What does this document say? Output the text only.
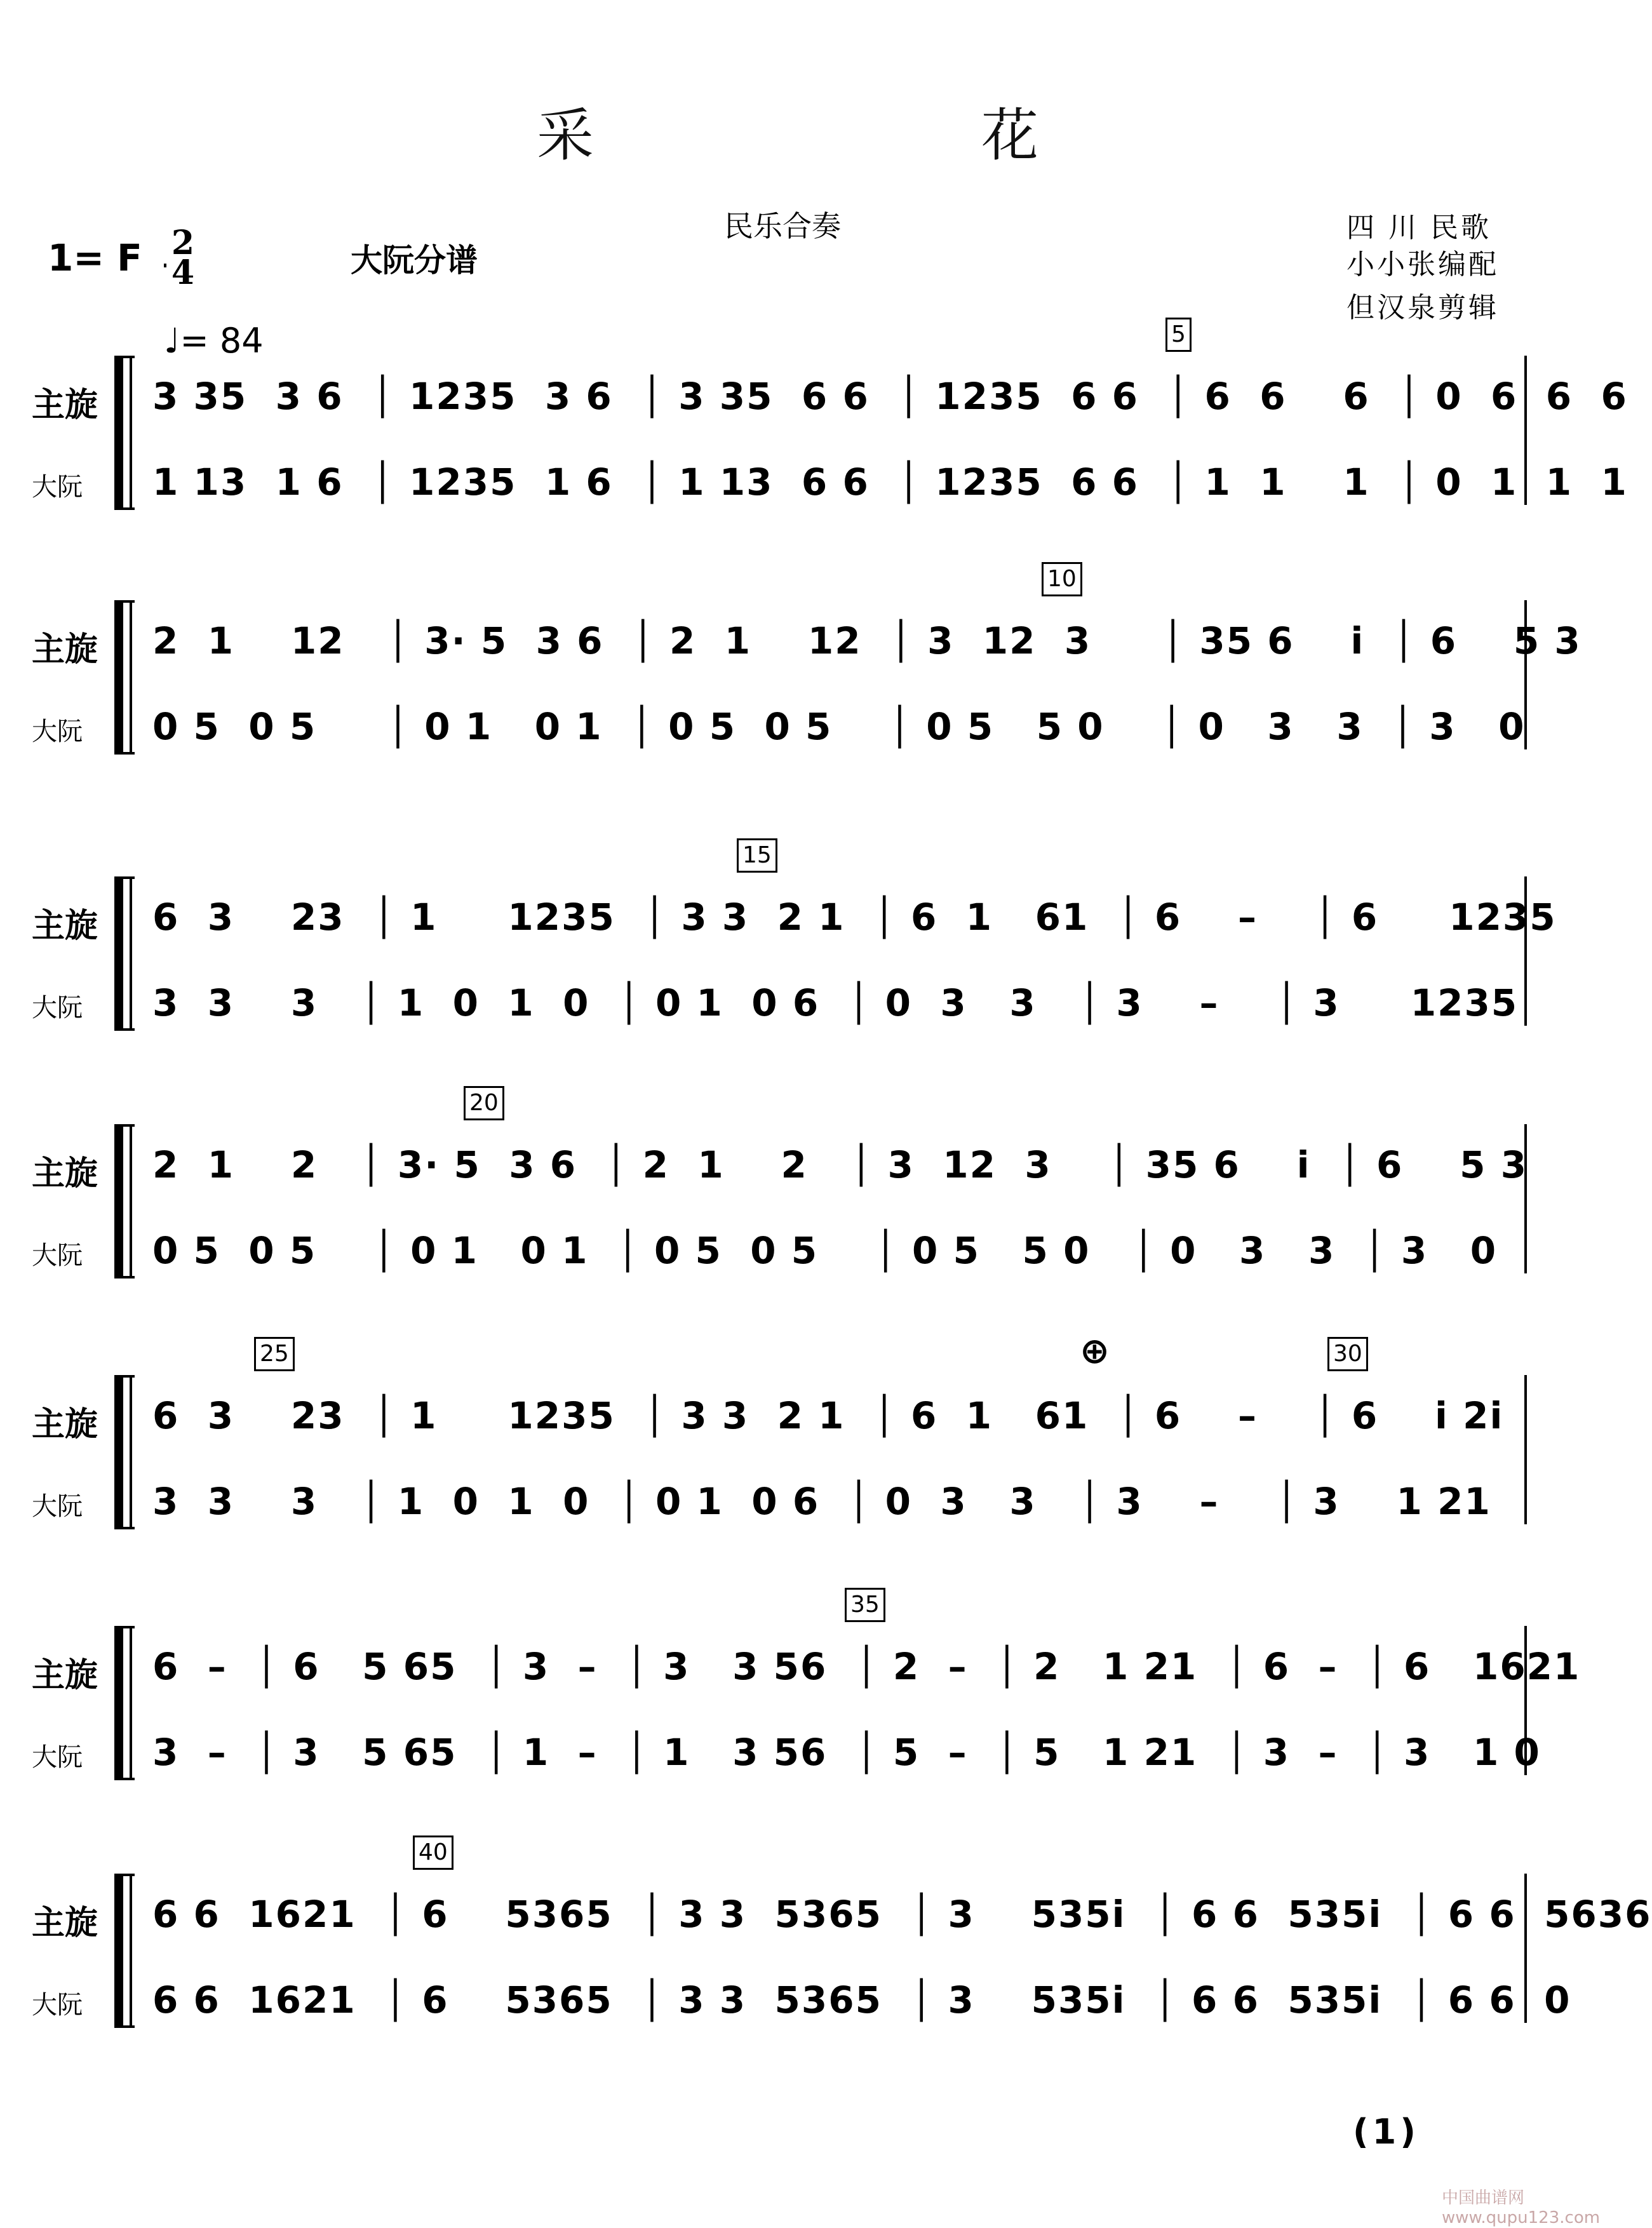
采	花
民乐合奏	四 川 民歌
小小张编配
但汉泉剪辑
1= F 2
4	大阮分谱
♩= 84
主旋
大阮
3 35  3 6  │ 1235  3 6  │ 3 35  6 6  │ 1235  6 6  │ 6  6    6  │ 0  6  6  6
1 13  1 6  │ 1235  1 6  │ 1 13  6 6  │ 1235  6 6  │ 1  1    1  │ 0  1  1  1
5
主旋
大阮
2  1    12   │ 3· 5  3 6  │ 2  1    12  │ 3  12  3     │ 35 6    i  │ 6    5 3
0 5  0 5     │ 0 1   0 1  │ 0 5  0 5    │ 0 5   5 0    │ 0   3   3  │ 3   0
10
主旋
大阮
6  3    23  │ 1     1235  │ 3 3  2 1  │ 6  1   61  │ 6    –    │ 6     1235
3  3    3   │ 1  0  1  0  │ 0 1  0 6  │ 0  3   3   │ 3    –    │ 3     1235
15
主旋
大阮
2  1    2   │ 3· 5  3 6  │ 2  1    2   │ 3  12  3    │ 35 6    i  │ 6    5 3
0 5  0 5    │ 0 1   0 1  │ 0 5  0 5    │ 0 5   5 0   │ 0   3   3  │ 3   0
20
主旋
大阮
6  3    23  │ 1     1235  │ 3 3  2 1  │ 6  1   61  │ 6    –    │ 6    i 2i
3  3    3   │ 1  0  1  0  │ 0 1  0 6  │ 0  3   3   │ 3    –    │ 3    1 21
25	30
⊕
主旋
大阮
6  –  │ 6   5 65  │ 3  –  │ 3   3 56  │ 2  –  │ 2   1 21  │ 6  –  │ 6   1621
3  –  │ 3   5 65  │ 1  –  │ 1   3 56  │ 5  –  │ 5   1 21  │ 3  –  │ 3   1 0
35
主旋
大阮
6 6  1621  │ 6    5365  │ 3 3  5365  │ 3    535i  │ 6 6  535i  │ 6 6  5636
6 6  1621  │ 6    5365  │ 3 3  5365  │ 3    535i  │ 6 6  535i  │ 6 6  0
40
(1)
中国曲谱网 www.qupu123.com
